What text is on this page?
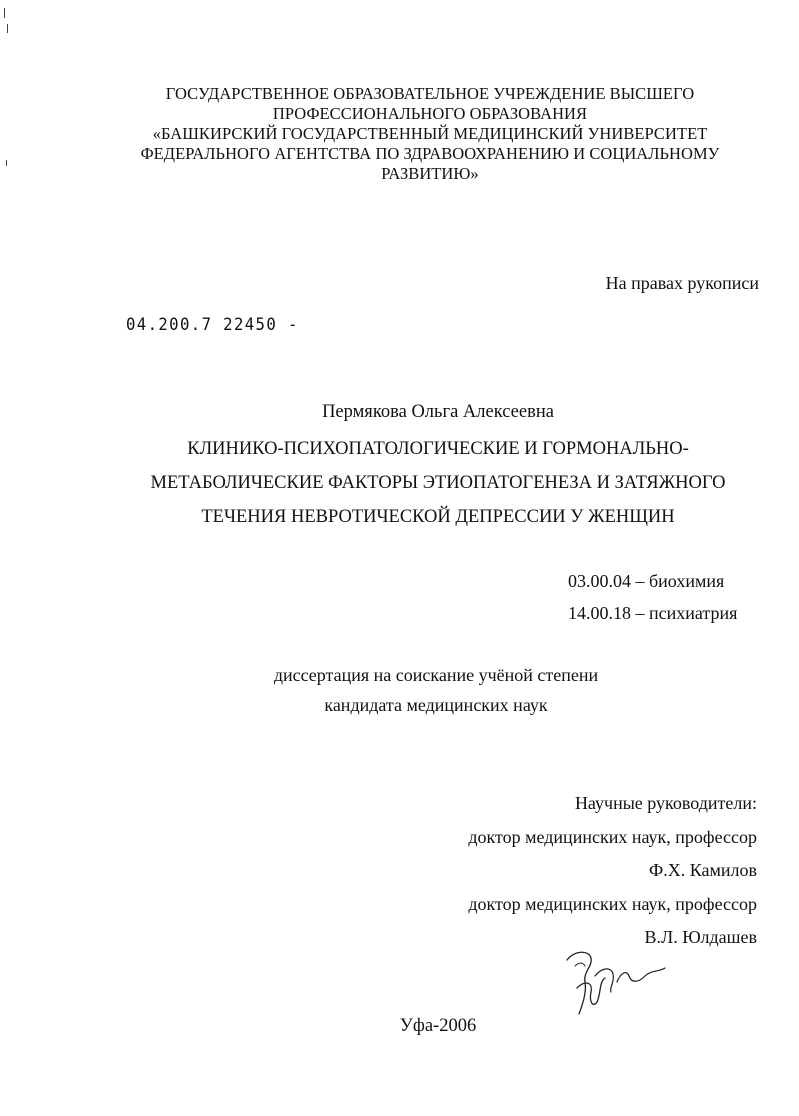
ГОСУДАРСТВЕННОЕ ОБРАЗОВАТЕЛЬНОЕ УЧРЕЖДЕНИЕ ВЫСШЕГО
ПРОФЕССИОНАЛЬНОГО ОБРАЗОВАНИЯ
«БАШКИРСКИЙ ГОСУДАРСТВЕННЫЙ МЕДИЦИНСКИЙ УНИВЕРСИТЕТ
ФЕДЕРАЛЬНОГО АГЕНТСТВА ПО ЗДРАВООХРАНЕНИЮ И СОЦИАЛЬНОМУ
РАЗВИТИЮ»
На правах рукописи
04.200.7 22450 -
Пермякова Ольга Алексеевна
КЛИНИКО-ПСИХОПАТОЛОГИЧЕСКИЕ И ГОРМОНАЛЬНО-
МЕТАБОЛИЧЕСКИЕ ФАКТОРЫ ЭТИОПАТОГЕНЕЗА И ЗАТЯЖНОГО
ТЕЧЕНИЯ НЕВРОТИЧЕСКОЙ ДЕПРЕССИИ У ЖЕНЩИН
03.00.04 – биохимия
14.00.18 – психиатрия
диссертация на соискание учёной степени
кандидата медицинских наук
Научные руководители:
доктор медицинских наук, профессор
Ф.Х. Камилов
доктор медицинских наук, профессор
В.Л. Юлдашев
Уфа-2006
